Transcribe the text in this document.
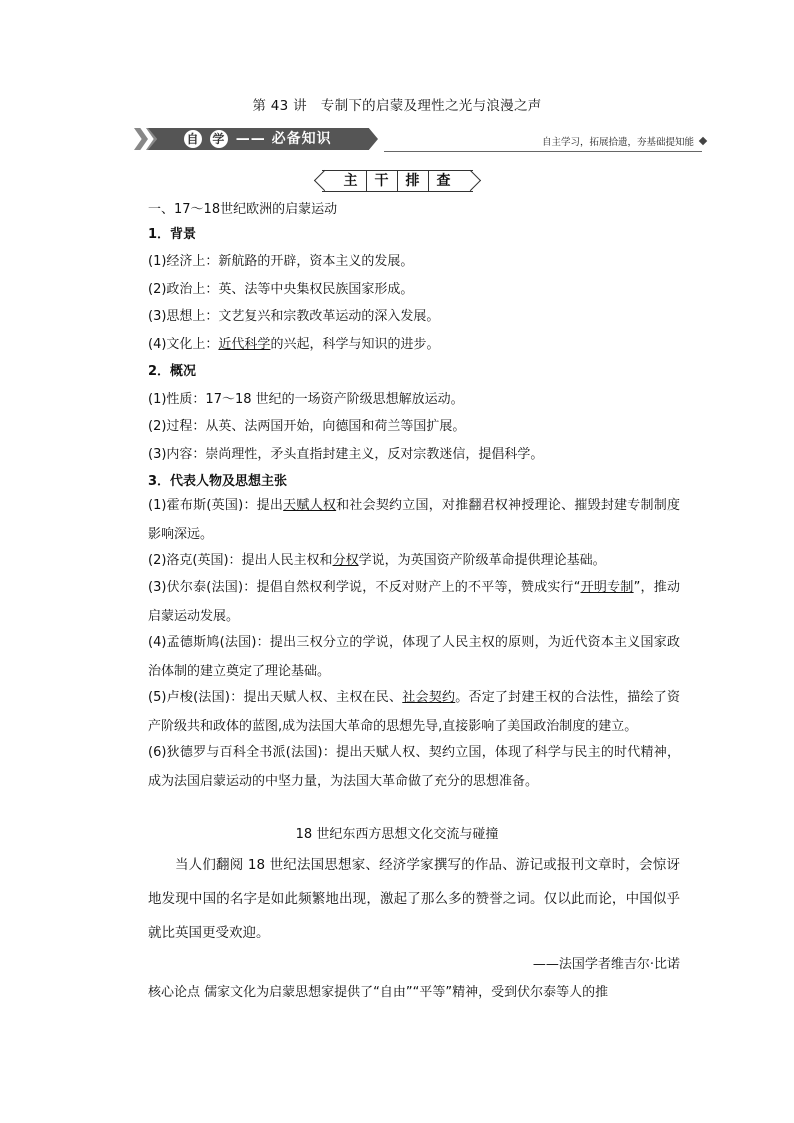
第 43 讲　专制下的启蒙及理性之光与浪漫之声
自 学 —— 必备知识	自主学习，拓展拾遗，夯基础提知能
主 干 排 查
一、17～18世纪欧洲的启蒙运动
1．背景
(1)经济上：新航路的开辟，资本主义的发展。
(2)政治上：英、法等中央集权民族国家形成。
(3)思想上：文艺复兴和宗教改革运动的深入发展。
(4)文化上：近代科学的兴起，科学与知识的进步。
2．概况
(1)性质：17～18 世纪的一场资产阶级思想解放运动。
(2)过程：从英、法两国开始，向德国和荷兰等国扩展。
(3)内容：崇尚理性，矛头直指封建主义，反对宗教迷信，提倡科学。
3．代表人物及思想主张
(1)霍布斯(英国)：提出天赋人权和社会契约立国，对推翻君权神授理论、摧毁封建专制制度影响深远。
(2)洛克(英国)：提出人民主权和分权学说，为英国资产阶级革命提供理论基础。
(3)伏尔泰(法国)：提倡自然权利学说，不反对财产上的不平等，赞成实行“开明专制”，推动启蒙运动发展。
(4)孟德斯鸠(法国)：提出三权分立的学说，体现了人民主权的原则，为近代资本主义国家政治体制的建立奠定了理论基础。
(5)卢梭(法国)：提出天赋人权、主权在民、社会契约。否定了封建王权的合法性，描绘了资产阶级共和政体的蓝图,成为法国大革命的思想先导,直接影响了美国政治制度的建立。
(6)狄德罗与百科全书派(法国)：提出天赋人权、契约立国，体现了科学与民主的时代精神，成为法国启蒙运动的中坚力量，为法国大革命做了充分的思想准备。
18 世纪东西方思想文化交流与碰撞
当人们翻阅 18 世纪法国思想家、经济学家撰写的作品、游记或报刊文章时，会惊讶地发现中国的名字是如此频繁地出现，激起了那么多的赞誉之词。仅以此而论，中国似乎就比英国更受欢迎。
——法国学者维吉尔·比诺
核心论点 儒家文化为启蒙思想家提供了“自由”“平等”精神，受到伏尔泰等人的推
